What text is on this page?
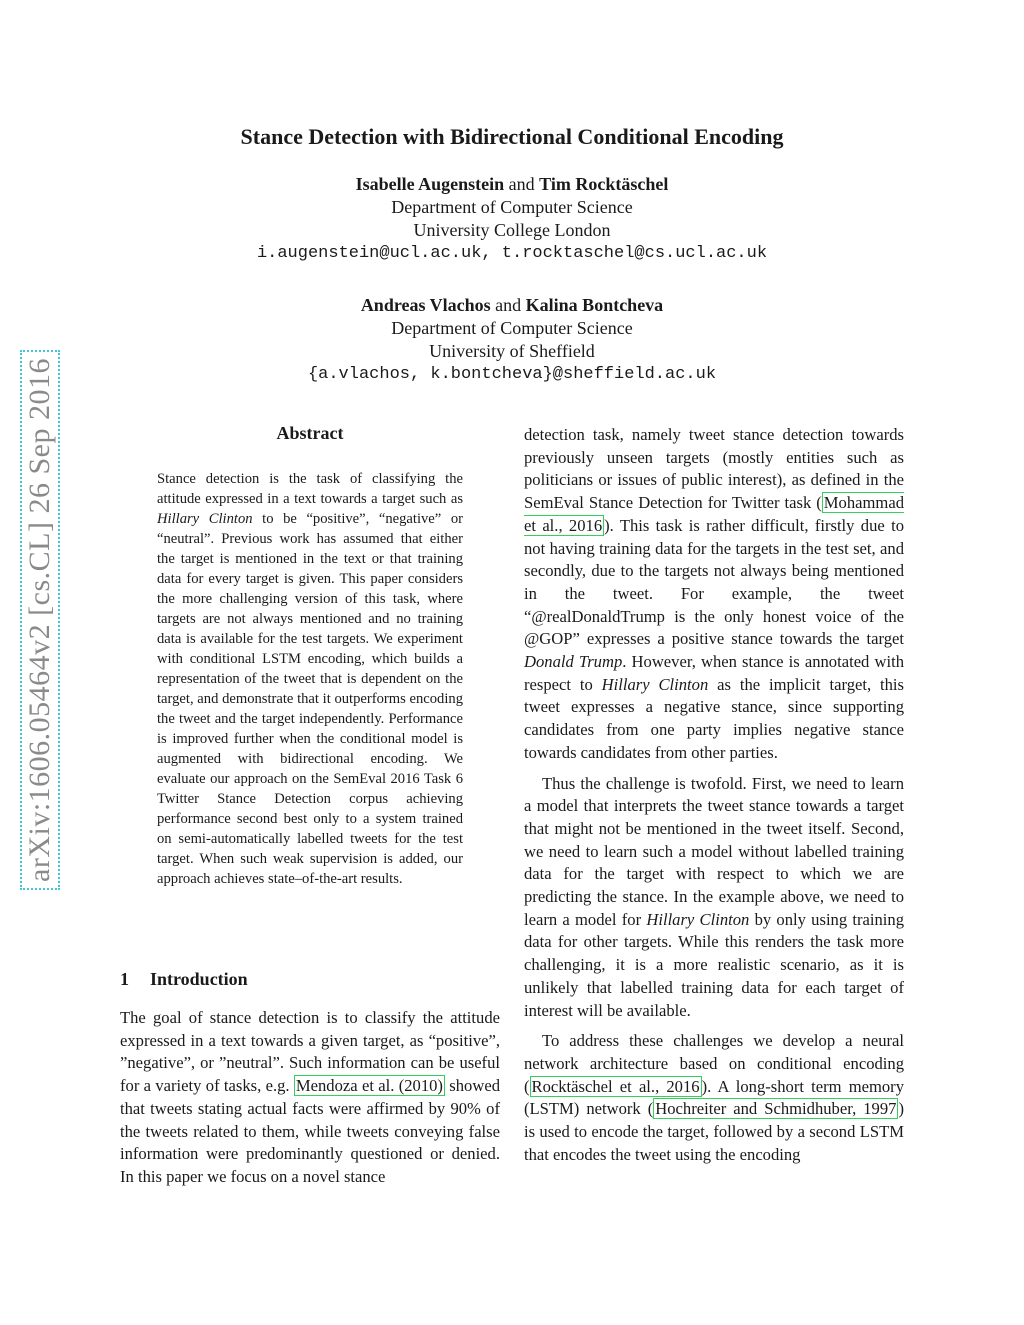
arXiv:1606.05464v2 [cs.CL] 26 Sep 2016
Stance Detection with Bidirectional Conditional Encoding
Isabelle Augenstein and Tim Rocktäschel
Department of Computer Science
University College London
i.augenstein@ucl.ac.uk, t.rocktaschel@cs.ucl.ac.uk
Andreas Vlachos and Kalina Bontcheva
Department of Computer Science
University of Sheffield
{a.vlachos, k.bontcheva}@sheffield.ac.uk
Abstract
Stance detection is the task of classifying the attitude expressed in a text towards a target such as Hillary Clinton to be “positive”, “negative” or “neutral”. Previous work has assumed that either the target is mentioned in the text or that training data for every target is given. This paper considers the more challenging version of this task, where targets are not always mentioned and no training data is available for the test targets. We experiment with conditional LSTM encoding, which builds a representation of the tweet that is dependent on the target, and demonstrate that it outperforms encoding the tweet and the target independently. Performance is improved further when the conditional model is augmented with bidirectional encoding. We evaluate our approach on the SemEval 2016 Task 6 Twitter Stance Detection corpus achieving performance second best only to a system trained on semi-automatically labelled tweets for the test target. When such weak supervision is added, our approach achieves state–of-the-art results.
1 Introduction
The goal of stance detection is to classify the attitude expressed in a text towards a given target, as “positive”, ”negative”, or ”neutral”. Such information can be useful for a variety of tasks, e.g. Mendoza et al. (2010) showed that tweets stating actual facts were affirmed by 90% of the tweets related to them, while tweets conveying false information were predominantly questioned or denied. In this paper we focus on a novel stance

detection task, namely tweet stance detection towards previously unseen targets (mostly entities such as politicians or issues of public interest), as defined in the SemEval Stance Detection for Twitter task ( Mohammad et al., 2016 ). This task is rather difficult, firstly due to not having training data for the targets in the test set, and secondly, due to the targets not always being mentioned in the tweet. For example, the tweet “@realDonaldTrump is the only honest voice of the @GOP” expresses a positive stance towards the target Donald Trump. However, when stance is annotated with respect to Hillary Clinton as the implicit target, this tweet expresses a negative stance, since supporting candidates from one party implies negative stance towards candidates from other parties.

Thus the challenge is twofold. First, we need to learn a model that interprets the tweet stance towards a target that might not be mentioned in the tweet itself. Second, we need to learn such a model without labelled training data for the target with respect to which we are predicting the stance. In the example above, we need to learn a model for Hillary Clinton by only using training data for other targets. While this renders the task more challenging, it is a more realistic scenario, as it is unlikely that labelled training data for each target of interest will be available.

To address these challenges we develop a neural network architecture based on conditional encoding ( Rocktäschel et al., 2016 ). A long-short term memory (LSTM) network ( Hochreiter and Schmidhuber, 1997 ) is used to encode the target, followed by a second LSTM that encodes the tweet using the encoding
